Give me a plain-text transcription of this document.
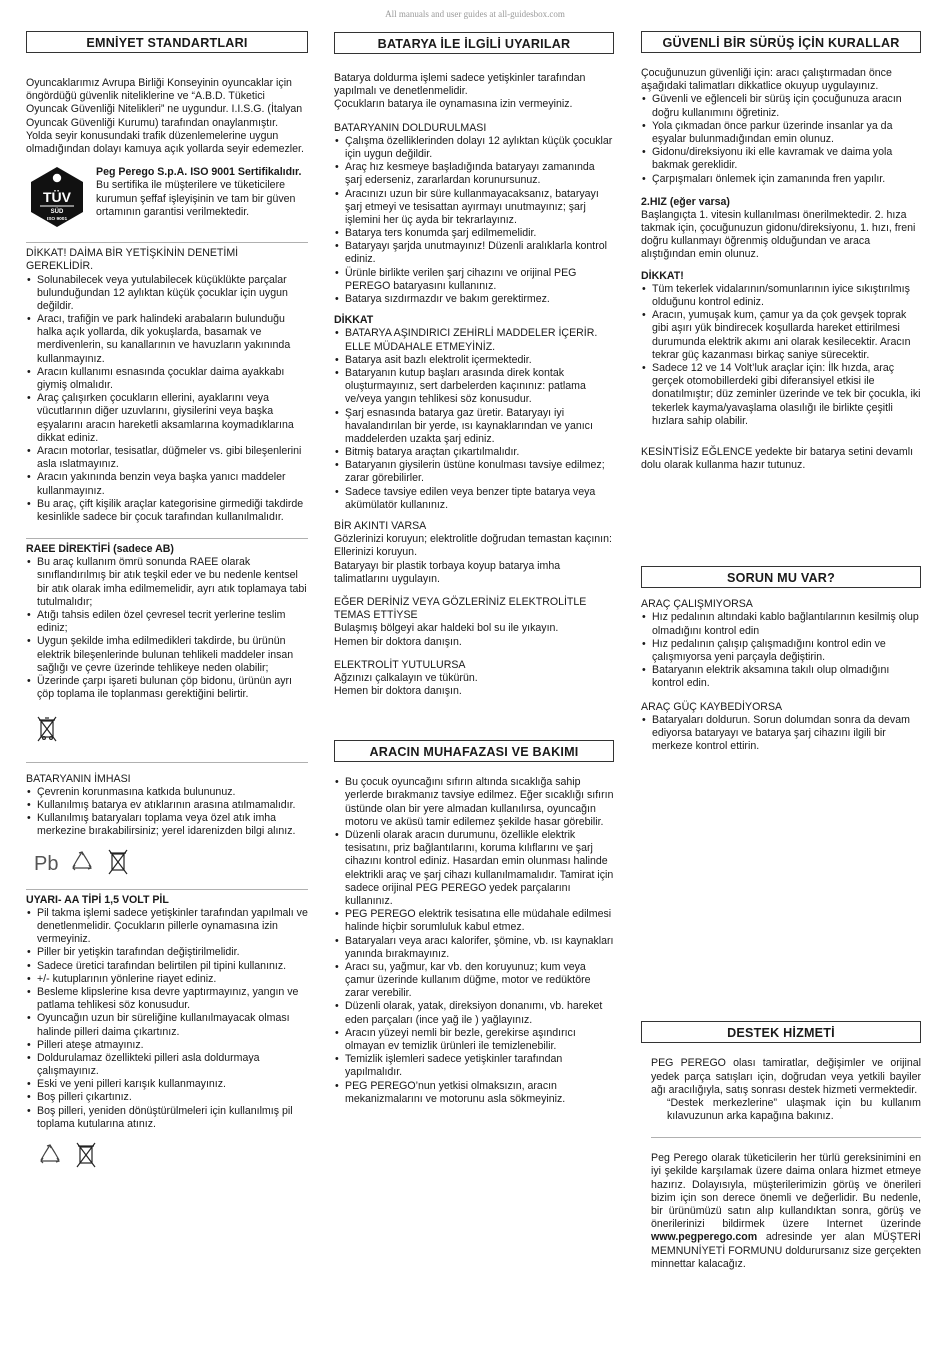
All manuals and user guides at all-guidesbox.com
EMNİYET STANDARTLARI

Oyuncaklarımız Avrupa Birliği Konseyinin oyuncaklar için öngördüğü güvenlik niteliklerine ve “A.B.D. Tüketici Oyuncak Güvenliği Nitelikleri” ne uygundur. I.I.S.G. (İtalyan Oyuncak Güvenliği Kurumu) tarafından onaylanmıştır.

Yolda seyir konusundaki trafik düzenlemelerine uygun olmadığından dolayı kamuya açık yollarda seyir edemezler.

TÜV
SÜD
ISO 9001

Peg Perego S.p.A. ISO 9001 Sertifikalıdır.

Bu sertifika ile müşterilere ve tüketicilere kurumun şeffaf işleyişinin ve tam bir güven ortamının garantisi verilmektedir.

DİKKAT! DAİMA BİR YETİŞKİNİN DENETİMİ GEREKLİDİR.

• Solunabilecek veya yutulabilecek küçüklükte parçalar bulunduğundan 12 aylıktan küçük çocuklar için uygun değildir.
• Aracı, trafiğin ve park halindeki arabaların bulunduğu halka açık yollarda, dik yokuşlarda, basamak ve merdivenlerin, su kanallarının ve havuzların yakınında kullanmayınız.
• Aracın kullanımı esnasında çocuklar daima ayakkabı giymiş olmalıdır.
• Araç çalışırken çocukların ellerini, ayaklarını veya vücutlarının diğer uzuvlarını, giysilerini veya başka eşyalarını aracın hareketli aksamlarına koymadıklarına dikkat ediniz.
• Aracın motorlar, tesisatlar, düğmeler vs. gibi bileşenlerini asla ıslatmayınız.
• Aracın yakınında benzin veya başka yanıcı maddeler kullanmayınız.
• Bu araç, çift kişilik araçlar kategorisine girmediği takdirde kesinlikle sadece bir çocuk tarafından kullanılmalıdır.

RAEE DİREKTİFİ (sadece AB)

• Bu araç kullanım ömrü sonunda RAEE olarak sınıflandırılmış bir atık teşkil eder ve bu nedenle kentsel bir atık olarak imha edilmemelidir, ayrı atık toplamaya tabi tutulmalıdır;
• Atığı tahsis edilen özel çevresel tecrit yerlerine teslim ediniz;
• Uygun şekilde imha edilmedikleri takdirde, bu ürünün elektrik bileşenlerinde bulunan tehlikeli maddeler insan sağlığı ve çevre üzerinde tehlikeye neden olabilir;
• Üzerinde çarpı işareti bulunan çöp bidonu, ürünün ayrı çöp toplama ile toplanması gerektiğini belirtir.

BATARYANIN İMHASI

• Çevrenin korunmasına katkıda bulununuz.
• Kullanılmış batarya ev atıklarının arasına atılmamalıdır.
• Kullanılmış bataryaları toplama veya özel atık imha merkezine bırakabilirsiniz; yerel idarenizden bilgi alınız.
Pb

UYARI- AA TİPİ 1,5 VOLT PİL

• Pil takma işlemi sadece yetişkinler tarafından yapılmalı ve denetlenmelidir. Çocukların pillerle oynamasına izin vermeyiniz.
• Piller bir yetişkin tarafından değiştirilmelidir.
• Sadece üretici tarafından belirtilen pil tipini kullanınız.
• +/- kutuplarının yönlerine riayet ediniz.
• Besleme klipslerine kısa devre yaptırmayınız, yangın ve patlama tehlikesi söz konusudur.
• Oyuncağın uzun bir süreliğine kullanılmayacak olması halinde pilleri daima çıkartınız.
• Pilleri ateşe atmayınız.
• Doldurulamaz özellikteki pilleri asla doldurmaya çalışmayınız.
• Eski ve yeni pilleri karışık kullanmayınız.
• Boş pilleri çıkartınız.
• Boş pilleri, yeniden dönüştürülmeleri için kullanılmış pil toplama kutularına atınız.
BATARYA İLE İLGİLİ UYARILAR

Batarya doldurma işlemi sadece yetişkinler tarafından yapılmalı ve denetlenmelidir.

Çocukların batarya ile oynamasına izin vermeyiniz.

BATARYANIN DOLDURULMASI

• Çalışma özelliklerinden dolayı 12 aylıktan küçük çocuklar için uygun değildir.
• Araç hız kesmeye başladığında bataryayı zamanında şarj ederseniz, zararlardan korunursunuz.
• Aracınızı uzun bir süre kullanmayacaksanız, bataryayı şarj etmeyi ve tesisattan ayırmayı unutmayınız; şarj işlemini her üç ayda bir tekrarlayınız.
• Batarya ters konumda şarj edilmemelidir.
• Bataryayı şarjda unutmayınız! Düzenli aralıklarla kontrol ediniz.
• Ürünle birlikte verilen şarj cihazını ve orijinal PEG PEREGO bataryasını kullanınız.
• Batarya sızdırmazdır ve bakım gerektirmez.

DİKKAT

• BATARYA AŞINDIRICI ZEHİRLİ MADDELER İÇERİR.
ELLE MÜDAHALE ETMEYİNİZ.
• Batarya asit bazlı elektrolit içermektedir.
• Bataryanın kutup başları arasında direk kontak oluşturmayınız, sert darbelerden kaçınınız: patlama ve/veya yangın tehlikesi söz konusudur.
• Şarj esnasında batarya gaz üretir. Bataryayı iyi havalandırılan bir yerde, ısı kaynaklarından ve yanıcı maddelerden uzakta şarj ediniz.
• Bitmiş batarya araçtan çıkartılmalıdır.
• Bataryanın giysilerin üstüne konulması tavsiye edilmez; zarar görebilirler.
• Sadece tavsiye edilen veya benzer tipte batarya veya akümülatör kullanınız.

BİR AKINTI VARSA

Gözlerinizi koruyun; elektrolitle doğrudan temastan kaçının: Ellerinizi koruyun.

Bataryayı bir plastik torbaya koyup batarya imha talimatlarını uygulayın.

EĞER DERİNİZ VEYA GÖZLERİNİZ ELEKTROLİTLE TEMAS ETTİYSE

Bulaşmış bölgeyi akar haldeki bol su ile yıkayın.

Hemen bir doktora danışın.

ELEKTROLİT YUTULURSA

Ağzınızı çalkalayın ve tükürün.

Hemen bir doktora danışın.

ARACIN MUHAFAZASI VE BAKIMI
• Bu çocuk oyuncağını sıfırın altında sıcaklığa sahip yerlerde bırakmanız tavsiye edilmez. Eğer sıcaklığı sıfırın üstünde olan bir yere almadan kullanılırsa, oyuncağın motoru ve aküsü tamir edilemez şekilde hasar görebilir.
• Düzenli olarak aracın durumunu, özellikle elektrik tesisatını, priz bağlantılarını, koruma kılıflarını ve şarj cihazını kontrol ediniz. Hasardan emin olunması halinde elektrikli araç ve şarj cihazı kullanılmamalıdır. Tamirat için sadece orijinal PEG PEREGO yedek parçalarını kullanınız.
• PEG PEREGO elektrik tesisatına elle müdahale edilmesi halinde hiçbir sorumluluk kabul etmez.
• Bataryaları veya aracı kalorifer, şömine, vb. ısı kaynakları yanında bırakmayınız.
• Aracı su, yağmur, kar vb. den koruyunuz; kum veya çamur üzerinde kullanım düğme, motor ve redüktöre zarar verebilir.
• Düzenli olarak, yatak, direksiyon donanımı, vb. hareket eden parçaları (ince yağ ile ) yağlayınız.
• Aracın yüzeyi nemli bir bezle, gerekirse aşındırıcı olmayan ev temizlik ürünleri ile temizlenebilir.
• Temizlik işlemleri sadece yetişkinler tarafından yapılmalıdır.
• PEG PEREGO’nun yetkisi olmaksızın, aracın mekanizmalarını ve motorunu asla sökmeyiniz.
GÜVENLİ BİR SÜRÜŞ İÇİN KURALLAR

Çocuğunuzun güvenliği için: aracı çalıştırmadan önce aşağıdaki talimatları dikkatlice okuyup uygulayınız.

• Güvenli ve eğlenceli bir sürüş için çocuğunuza aracın doğru kullanımını öğretiniz.
• Yola çıkmadan önce parkur üzerinde insanlar ya da eşyalar bulunmadığından emin olunuz.
• Gidonu/direksiyonu iki elle kavramak ve daima yola bakmak gereklidir.
• Çarpışmaları önlemek için zamanında fren yapılır.

2.HIZ (eğer varsa)

Başlangıçta 1. vitesin kullanılması önerilmektedir. 2. hıza takmak için, çocuğunuzun gidonu/direksiyonu, 1. hızı, freni doğru kullanmayı öğrenmiş olduğundan ve araca alıştığından emin olunuz.

DİKKAT!

• Tüm tekerlek vidalarının/somunlarının iyice sıkıştırılmış olduğunu kontrol ediniz.
• Aracın, yumuşak kum, çamur ya da çok gevşek toprak gibi aşırı yük bindirecek koşullarda hareket ettirilmesi durumunda elektrik akımı ani olarak kesilecektir. Aracın tekrar güç kazanması birkaç saniye sürecektir.
• Sadece 12 ve 14 Volt’luk araçlar için: İlk hızda, araç gerçek otomobillerdeki gibi diferansiyel etkisi ile donatılmıştır; düz zeminler üzerinde ve tek bir çocukla, iki tekerlek kayma/yavaşlama olasılığı ile birlikte çeşitli hızlara sahip olabilir.

KESİNTİSİZ EĞLENCE yedekte bir batarya setini devamlı dolu olarak kullanma hazır tutunuz.

SORUN MU VAR?

ARAÇ ÇALIŞMIYORSA

• Hız pedalının altındaki kablo bağlantılarının kesilmiş olup olmadığını kontrol edin
• Hız pedalının çalışıp çalışmadığını kontrol edin ve çalışmıyorsa yeni parçayla değiştirin.
• Bataryanın elektrik aksamına takılı olup olmadığını kontrol edin.

ARAÇ GÜÇ KAYBEDİYORSA

• Bataryaları doldurun. Sorun dolumdan sonra da devam ediyorsa bataryayı ve batarya şarj cihazını ilgili bir merkeze kontrol ettirin.
DESTEK HİZMETİ

PEG PEREGO olası tamiratlar, değişimler ve orijinal yedek parça satışları için, doğrudan veya yetkili bayiler ağı aracılığıyla, satış sonrası destek hizmeti vermektedir.

“Destek merkezlerine” ulaşmak için bu kullanım kılavuzunun arka kapağına bakınız.

Peg Perego olarak tüketicilerin her türlü gereksinimini en iyi şekilde karşılamak üzere daima onlara hizmet etmeye hazırız. Dolayısıyla, müşterilerimizin görüş ve önerileri bizim için son derece önemli ve değerlidir. Bu nedenle, bir ürünümüzü satın alıp kullandıktan sonra, görüş ve önerilerinizi bildirmek üzere Internet üzerinde www.pegperego.com adresinde yer alan MÜŞTERİ MEMNUNİYETİ FORMUNU doldurursanız size gerçekten minnettar kalacağız.
